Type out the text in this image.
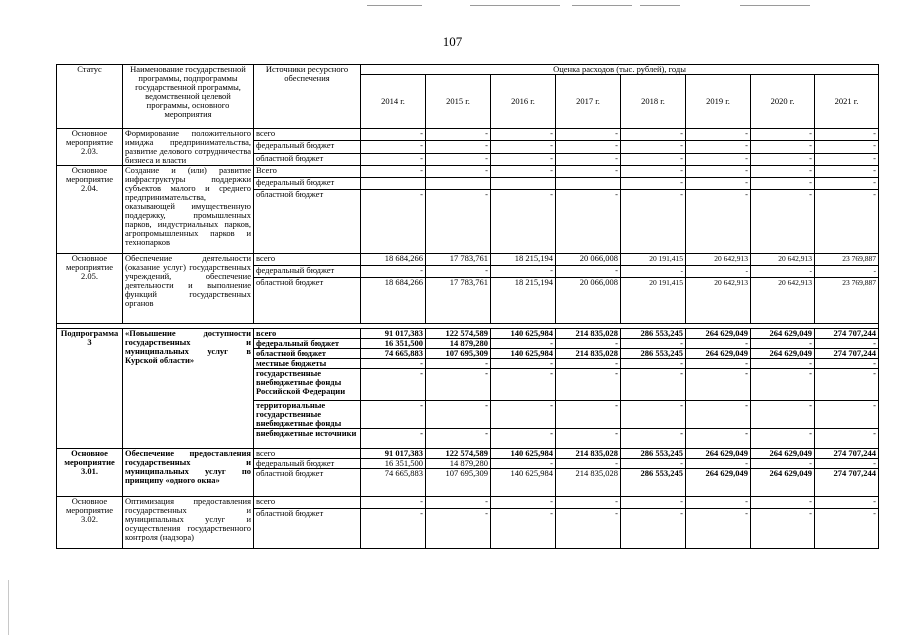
107
Статус	Наименование государственной программы, подпрограммы государственной программы, ведомственной целевой программы, основного мероприятия	Источники ресурсного обеспечения	Оценка расходов (тыс. рублей), годы							
			2014 г.	2015 г.	2016 г.	2017 г.	2018 г.	2019 г.	2020 г.	2021 г.
Основное мероприятие 2.03.	Формирование положительного имиджа предпринимательства, развитие делового сотрудничества бизнеса и власти	всего	-	-	-	-	-	-	-	-
		федеральный бюджет	-	-	-	-	-	-	-	-
		областной бюджет	-	-	-	-	-	-	-	-
Основное мероприятие 2.04.	Создание и (или) развитие инфраструктуры поддержки субъектов малого и среднего предпринимательства, оказывающей имущественную поддержку, промышленных парков, индустриальных парков, агропромышленных парков и технопарков	Всего	-	-	-	-	-	-	-	-
		федеральный бюджет					-	-	-	-
		областной бюджет	-	-	-	-	-	-	-	-
Основное мероприятие 2.05.	Обеспечение деятельности (оказание услуг) государственных учреждений, обеспечение деятельности и выполнение функций государственных органов	всего	18 684,266	17 783,761	18 215,194	20 066,008	20 191,415	20 642,913	20 642,913	23 769,887
		федеральный бюджет	-	-	-	-	-	-	-	-
		областной бюджет	18 684,266	17 783,761	18 215,194	20 066,008	20 191,415	20 642,913	20 642,913	23 769,887

Подпрограмма 3	«Повышение доступности государственных и муниципальных услуг в Курской области»	всего	91 017,383	122 574,589	140 625,984	214 835,028	286 553,245	264 629,049	264 629,049	274 707,244
		федеральный бюджет	16 351,500	14 879,280	-	-	-	-	-	-
		областной бюджет	74 665,883	107 695,309	140 625,984	214 835,028	286 553,245	264 629,049	264 629,049	274 707,244
		местные бюджеты	-	-	-	-	-	-	-	-
		государственные внебюджетные фонды Российской Федерации	-	-	-	-	-	-	-	-
		территориальные государственные внебюджетные фонды	-	-	-	-	-	-	-	-
		внебюджетные источники	-	-	-	-	-	-	-	-
Основное мероприятие 3.01.	Обеспечение предоставления государственных и муниципальных услуг по принципу «одного окна»	всего	91 017,383	122 574,589	140 625,984	214 835,028	286 553,245	264 629,049	264 629,049	274 707,244
		федеральный бюджет	16 351,500	14 879,280	-	-	-	-	-	-
		областной бюджет	74 665,883	107 695,309	140 625,984	214 835,028	286 553,245	264 629,049	264 629,049	274 707,244
Основное мероприятие 3.02.	Оптимизация предоставления государственных и муниципальных услуг и осуществления государственного контроля (надзора)	всего	-	-	-	-	-	-	-	-
		областной бюджет	-	-	-	-	-	-	-	-
